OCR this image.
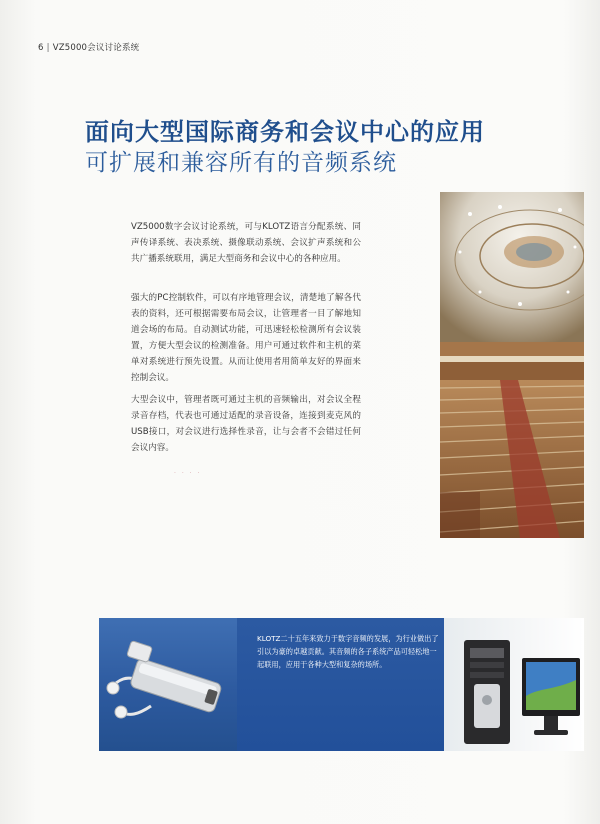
6 | VZ5000会议讨论系统
面向大型国际商务和会议中心的应用
可扩展和兼容所有的音频系统

VZ5000数字会议讨论系统，可与KLOTZ语言分配系统、同声传译系统、表决系统、摄像联动系统、会议扩声系统和公共广播系统联用，满足大型商务和会议中心的各种应用。

强大的PC控制软件，可以有序地管理会议，清楚地了解各代表的资料，还可根据需要布局会议，让管理者一目了解地知道会场的布局。自动测试功能，可迅速轻松检测所有会议装置，方便大型会议的检测准备。用户可通过软件和主机的菜单对系统进行预先设置。从而让使用者用简单友好的界面来控制会议。

大型会议中，管理者既可通过主机的音频输出，对会议全程录音存档，代表也可通过适配的录音设备，连接到麦克风的USB接口，对会议进行选择性录音，让与会者不会错过任何会议内容。

· · · ·

KLOTZ二十五年来致力于数字音频的发展，为行业做出了引以为豪的卓越贡献。其音频的各子系统产品可轻松地一起联用，应用于各种大型和复杂的场所。
